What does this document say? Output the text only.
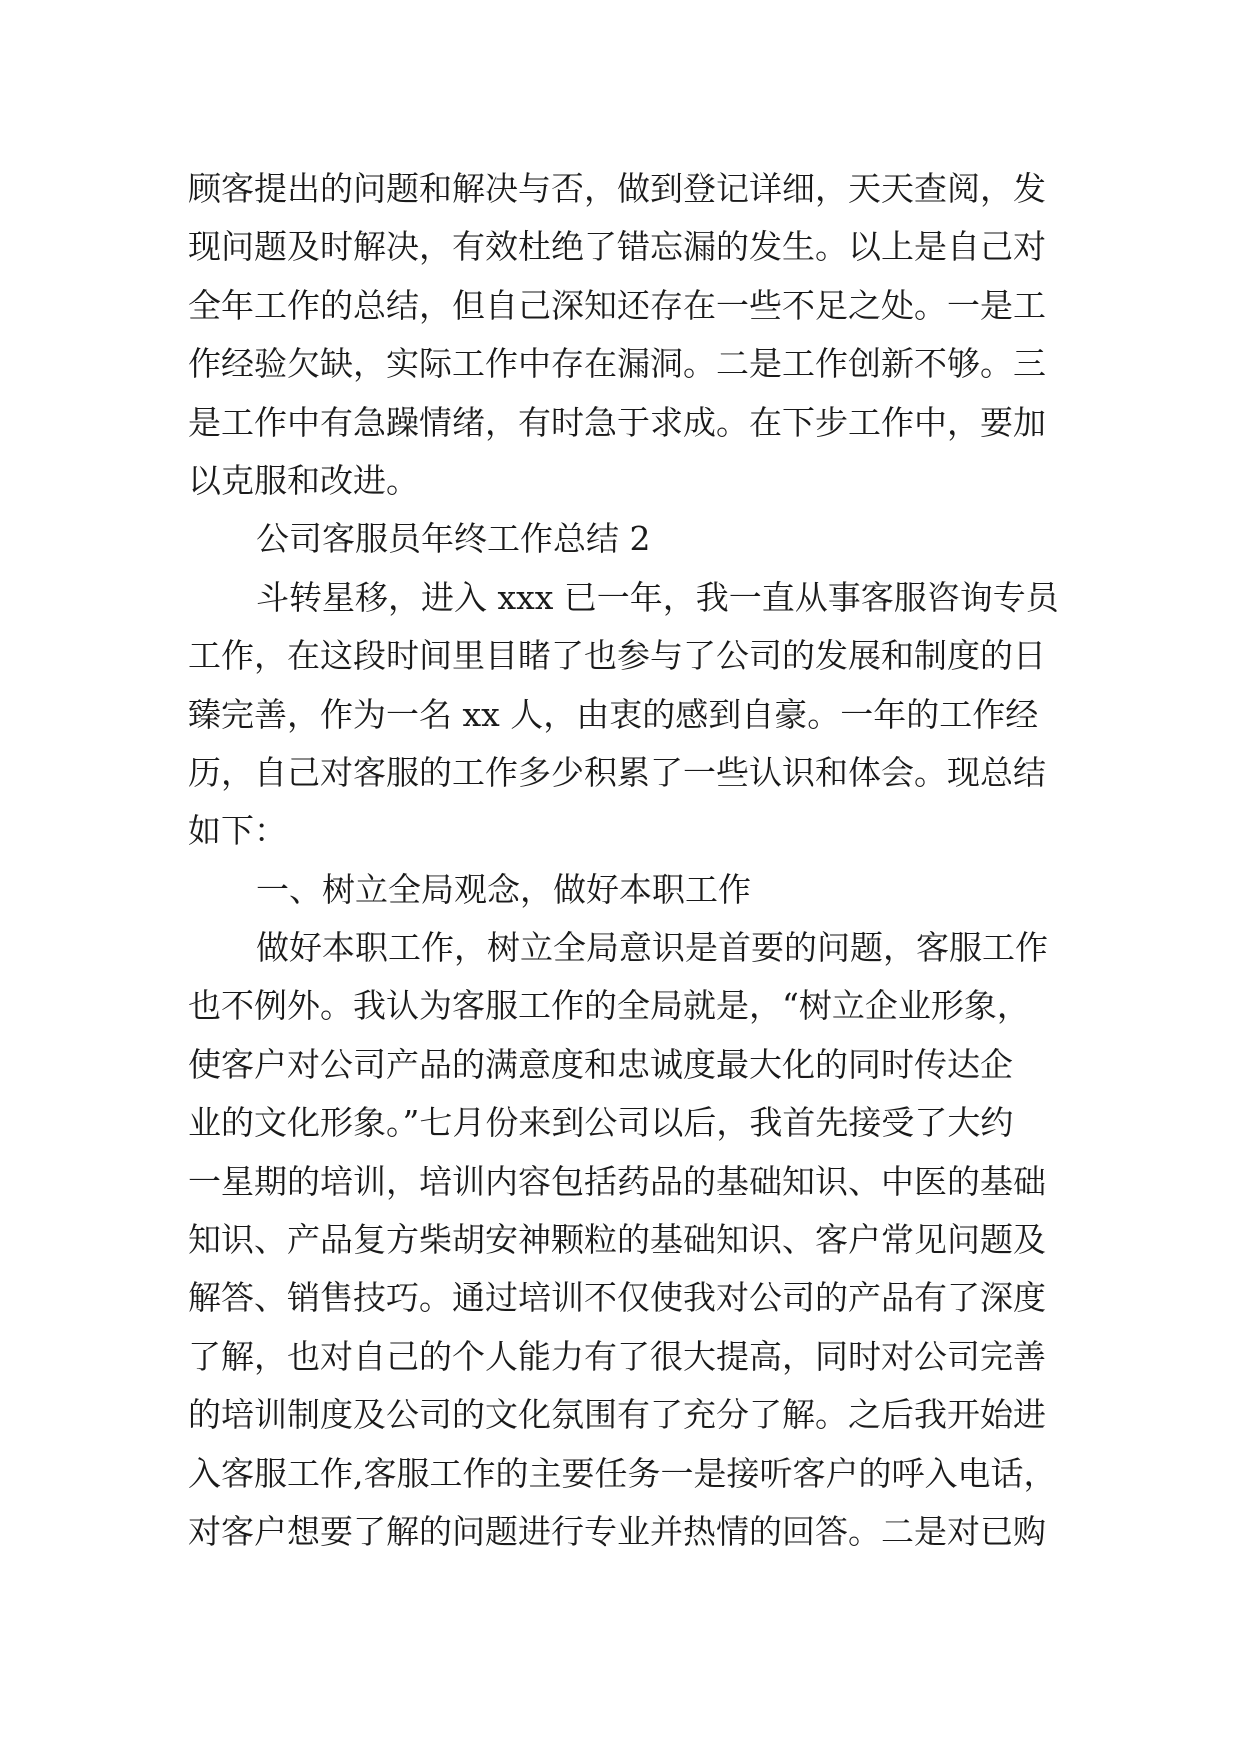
顾客提出的问题和解决与否，做到登记详细，天天查阅，发
现问题及时解决，有效杜绝了错忘漏的发生。以上是自己对
全年工作的总结，但自己深知还存在一些不足之处。一是工
作经验欠缺，实际工作中存在漏洞。二是工作创新不够。三
是工作中有急躁情绪，有时急于求成。在下步工作中，要加
以克服和改进。
公司客服员年终工作总结 2
斗转星移，进入 xxx 已一年，我一直从事客服咨询专员
工作，在这段时间里目睹了也参与了公司的发展和制度的日
臻完善，作为一名 xx 人，由衷的感到自豪。一年的工作经
历，自己对客服的工作多少积累了一些认识和体会。现总结
如下：
一、树立全局观念，做好本职工作
做好本职工作，树立全局意识是首要的问题，客服工作
也不例外。我认为客服工作的全局就是，“树立企业形象，
使客户对公司产品的满意度和忠诚度最大化的同时传达企
业的文化形象。”七月份来到公司以后，我首先接受了大约
一星期的培训，培训内容包括药品的基础知识、中医的基础
知识、产品复方柴胡安神颗粒的基础知识、客户常见问题及
解答、销售技巧。通过培训不仅使我对公司的产品有了深度
了解，也对自己的个人能力有了很大提高，同时对公司完善
的培训制度及公司的文化氛围有了充分了解。之后我开始进
入客服工作,客服工作的主要任务一是接听客户的呼入电话，
对客户想要了解的问题进行专业并热情的回答。二是对已购
